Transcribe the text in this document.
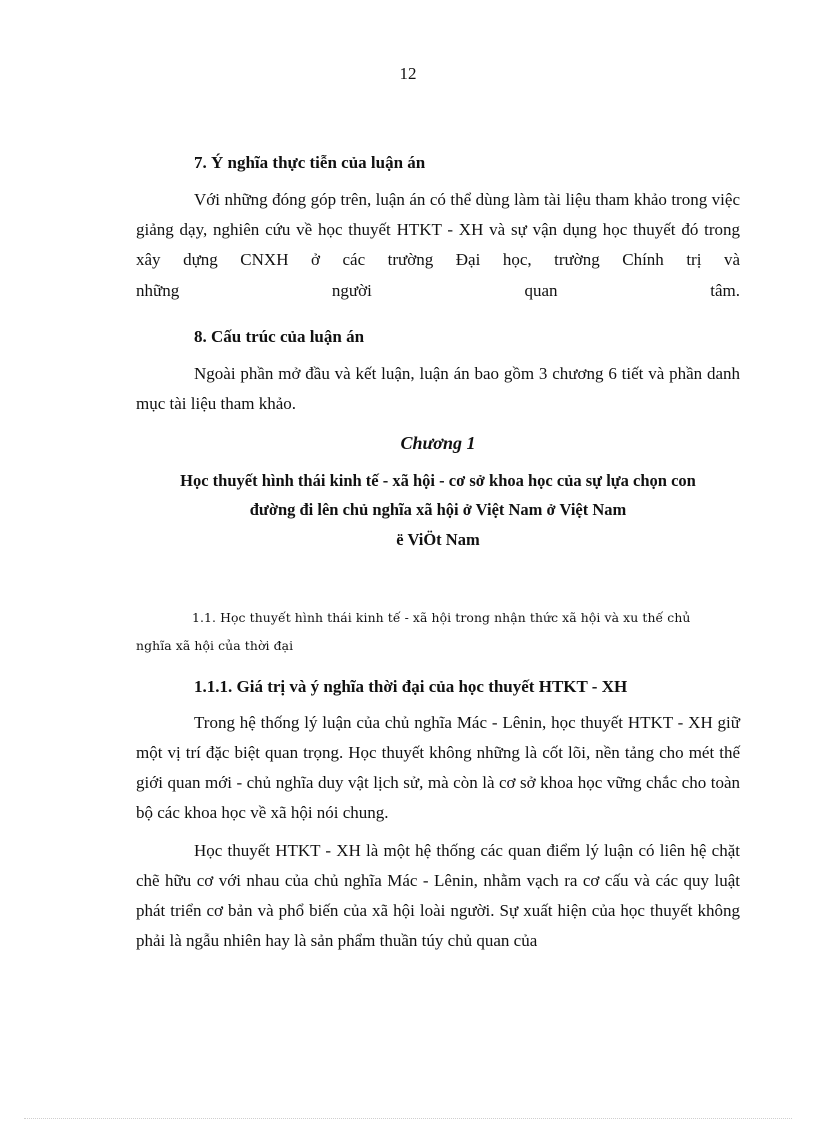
12
7. Ý nghĩa thực tiễn của luận án
Với những đóng góp trên, luận án có thể dùng làm tài liệu tham khảo trong việc giảng dạy, nghiên cứu về học thuyết HTKT - XH và sự vận dụng học thuyết đó trong xây dựng CNXH ở các trường Đại học, trường Chính trị và
những	người	quan	tâm.
8. Cấu trúc của luận án
Ngoài phần mở đầu và kết luận, luận án bao gồm 3 chương 6 tiết và phần danh mục tài liệu tham khảo.
Chương 1
Học thuyết hình thái kinh tế - xã hội - cơ sở khoa học của sự lựa chọn con
đường đi lên chủ nghĩa xã hội ở Việt Nam ở Việt Nam
ë ViÖt Nam
1.1. Học thuyết hình thái kinh tế - xã hội trong nhận thức xã hội và xu thế chủ
nghĩa xã hội của thời đại
1.1.1. Giá trị và ý nghĩa thời đại của học thuyết HTKT - XH
Trong hệ thống lý luận của chủ nghĩa Mác - Lênin, học thuyết HTKT - XH giữ một vị trí đặc biệt quan trọng. Học thuyết không những là cốt lõi, nền tảng cho mét thế giới quan mới - chủ nghĩa duy vật lịch sử, mà còn là cơ sở khoa học vững chắc cho toàn bộ các khoa học về xã hội nói chung.
Học thuyết HTKT - XH là một hệ thống các quan điểm lý luận có liên hệ chặt chẽ hữu cơ với nhau của chủ nghĩa Mác - Lênin, nhằm vạch ra cơ cấu và các quy luật phát triển cơ bản và phổ biến của xã hội loài người. Sự xuất hiện của học thuyết không phải là ngẫu nhiên hay là sản phẩm thuần túy chủ quan của
